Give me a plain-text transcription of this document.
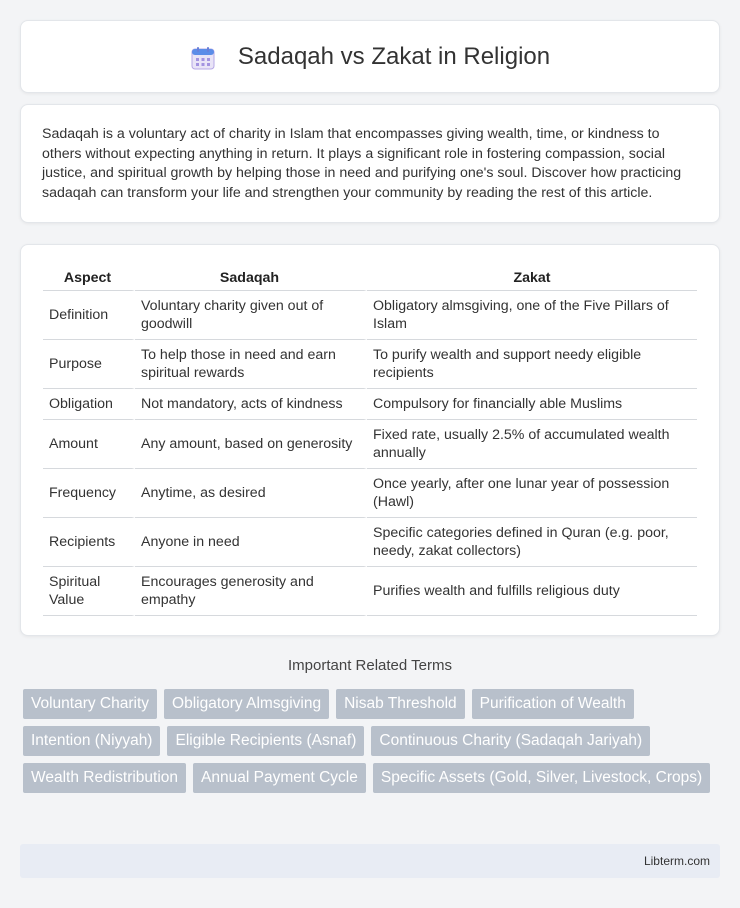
Sadaqah vs Zakat in Religion

Sadaqah is a voluntary act of charity in Islam that encompasses giving wealth, time, or kindness to others without expecting anything in return. It plays a significant role in fostering compassion, social justice, and spiritual growth by helping those in need and purifying one's soul. Discover how practicing sadaqah can transform your life and strengthen your community by reading the rest of this article.

Aspect	Sadaqah	Zakat
Definition	Voluntary charity given out of goodwill	Obligatory almsgiving, one of the Five Pillars of Islam
Purpose	To help those in need and earn spiritual rewards	To purify wealth and support needy eligible recipients
Obligation	Not mandatory, acts of kindness	Compulsory for financially able Muslims
Amount	Any amount, based on generosity	Fixed rate, usually 2.5% of accumulated wealth annually
Frequency	Anytime, as desired	Once yearly, after one lunar year of possession (Hawl)
Recipients	Anyone in need	Specific categories defined in Quran (e.g. poor, needy, zakat collectors)
Spiritual Value	Encourages generosity and empathy	Purifies wealth and fulfills religious duty
Important Related Terms
Voluntary Charity	Obligatory Almsgiving	Nisab Threshold	Purification of Wealth
Intention (Niyyah)	Eligible Recipients (Asnaf)	Continuous Charity (Sadaqah Jariyah)
Wealth Redistribution	Annual Payment Cycle	Specific Assets (Gold, Silver, Livestock, Crops)
Libterm.com
